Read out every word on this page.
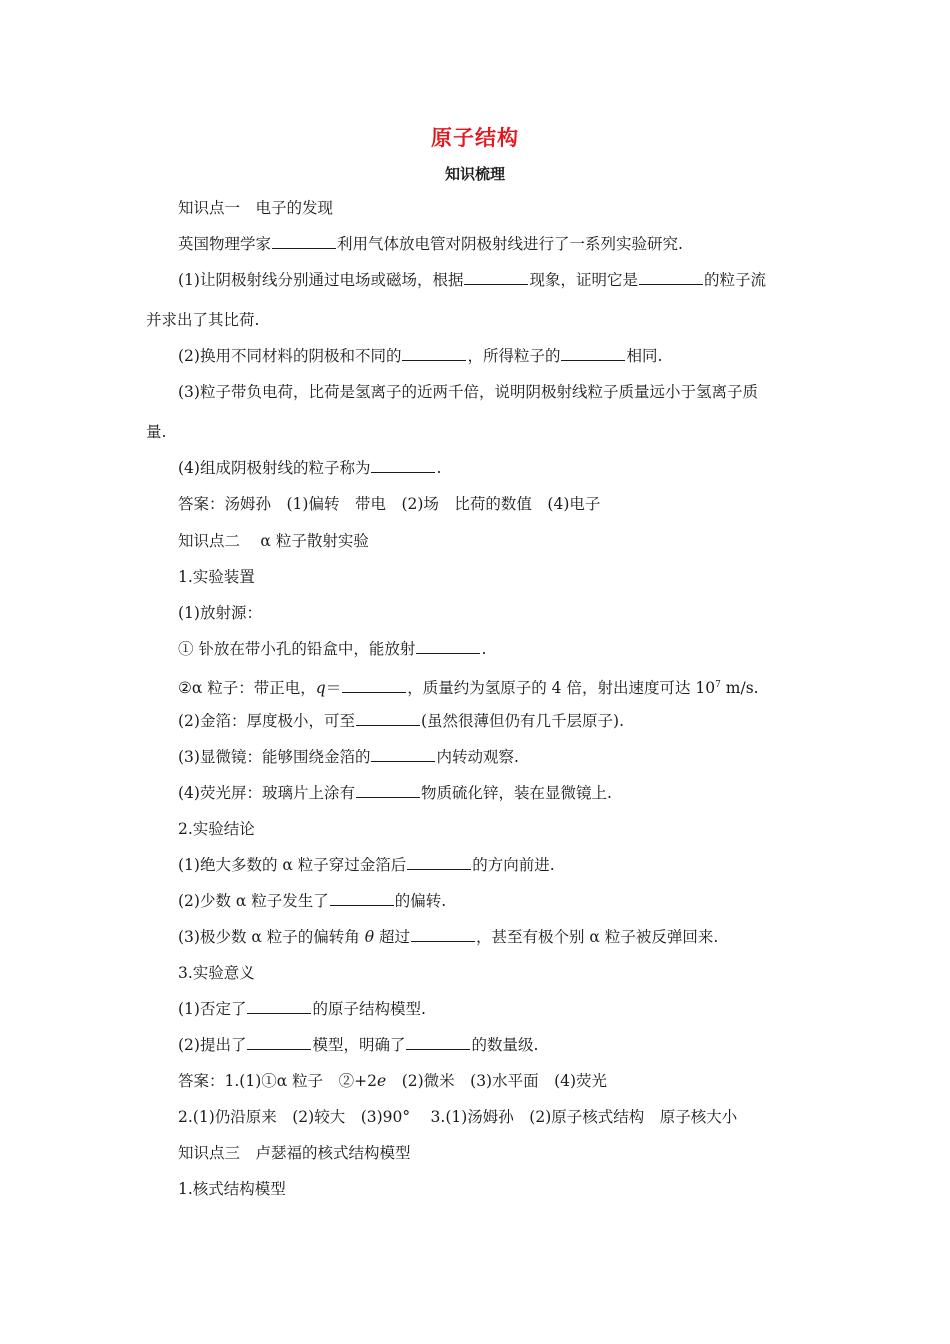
原子结构
知识梳理
知识点一　电子的发现
英国物理学家	利用气体放电管对阴极射线进行了一系列实验研究.
(1)让阴极射线分别通过电场或磁场，根据	现象，证明它是	的粒子流
并求出了其比荷.
(2)换用不同材料的阴极和不同的	，所得粒子的	相同.
(3)粒子带负电荷，比荷是氢离子的近两千倍，说明阴极射线粒子质量远小于氢离子质
量.
(4)组成阴极射线的粒子称为	.
答案：汤姆孙　(1)偏转　带电　(2)场　比荷的数值　(4)电子
知识点二　 α 粒子散射实验
1.实验装置
(1)放射源：
① 钋放在带小孔的铅盒中，能放射	.
②α 粒子：带正电，q＝	，质量约为氢原子的 4 倍，射出速度可达 $10^7$ m/s.
(2)金箔：厚度极小，可至	(虽然很薄但仍有几千层原子).
(3)显微镜：能够围绕金箔的	内转动观察.
(4)荧光屏：玻璃片上涂有	物质硫化锌，装在显微镜上.
2.实验结论
(1)绝大多数的 α 粒子穿过金箔后	的方向前进.
(2)少数 α 粒子发生了	的偏转.
(3)极少数 α 粒子的偏转角 θ 超过	，甚至有极个别 α 粒子被反弹回来.
3.实验意义
(1)否定了	的原子结构模型.
(2)提出了	模型，明确了	的数量级.
答案：1.(1)①α 粒子　②+2e　(2)微米　(3)水平面　(4)荧光
2.(1)仍沿原来　(2)较大　(3)90°　 3.(1)汤姆孙　(2)原子核式结构　原子核大小
知识点三　卢瑟福的核式结构模型
1.核式结构模型
